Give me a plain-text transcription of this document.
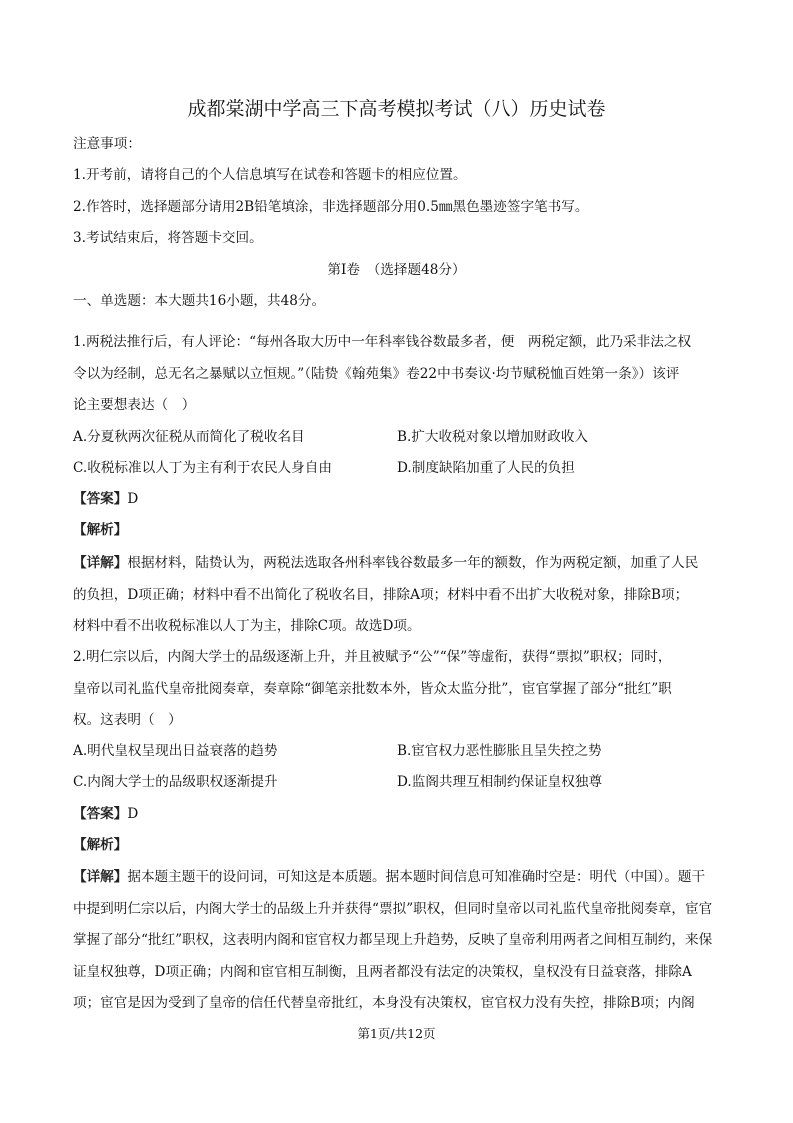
成都棠湖中学高三下高考模拟考试（八）历史试卷
注意事项：
1.开考前，请将自己的个人信息填写在试卷和答题卡的相应位置。
2.作答时，选择题部分请用2B铅笔填涂，非选择题部分用0.5㎜黑色墨迹签字笔书写。
3.考试结束后，将答题卡交回。
第Ⅰ卷　（选择题48分）
一、单选题：本大题共16小题，共48分。
1.两税法推行后，有人评论：“每州各取大历中一年科率钱谷数最多者，便　两税定额，此乃采非法之权
令以为经制，总无名之暴赋以立恒规。”（陆贽《翰苑集》卷22中书奏议·均节赋税恤百姓第一条》）该评
论主要想表达（　）
A.分夏秋两次征税从而简化了税收名目	B.扩大收税对象以增加财政收入
C.收税标准以人丁为主有利于农民人身自由	D.制度缺陷加重了人民的负担
【答案】D
【解析】
【详解】根据材料，陆贽认为，两税法选取各州科率钱谷数最多一年的额数，作为两税定额，加重了人民
的负担，D项正确；材料中看不出简化了税收名目，排除A项；材料中看不出扩大收税对象，排除B项；
材料中看不出收税标准以人丁为主，排除C项。故选D项。
2.明仁宗以后，内阁大学士的品级逐渐上升，并且被赋予“公”“保”等虚衔，获得“票拟”职权；同时，
皇帝以司礼监代皇帝批阅奏章，奏章除“御笔亲批数本外，皆众太监分批”，宦官掌握了部分“批红”职
权。这表明（　）
A.明代皇权呈现出日益衰落的趋势	B.宦官权力恶性膨胀且呈失控之势
C.内阁大学士的品级职权逐渐提升	D.监阁共理互相制约保证皇权独尊
【答案】D
【解析】
【详解】据本题主题干的设问词，可知这是本质题。据本题时间信息可知准确时空是：明代（中国）。题干
中提到明仁宗以后，内阁大学士的品级上升并获得“票拟”职权，但同时皇帝以司礼监代皇帝批阅奏章，宦官
掌握了部分“批红”职权，这表明内阁和宦官权力都呈现上升趋势，反映了皇帝利用两者之间相互制约，来保
证皇权独尊，D项正确；内阁和宦官相互制衡，且两者都没有法定的决策权，皇权没有日益衰落，排除A
项；宦官是因为受到了皇帝的信任代替皇帝批红，本身没有决策权，宦官权力没有失控，排除B项；内阁
第1页/共12页
